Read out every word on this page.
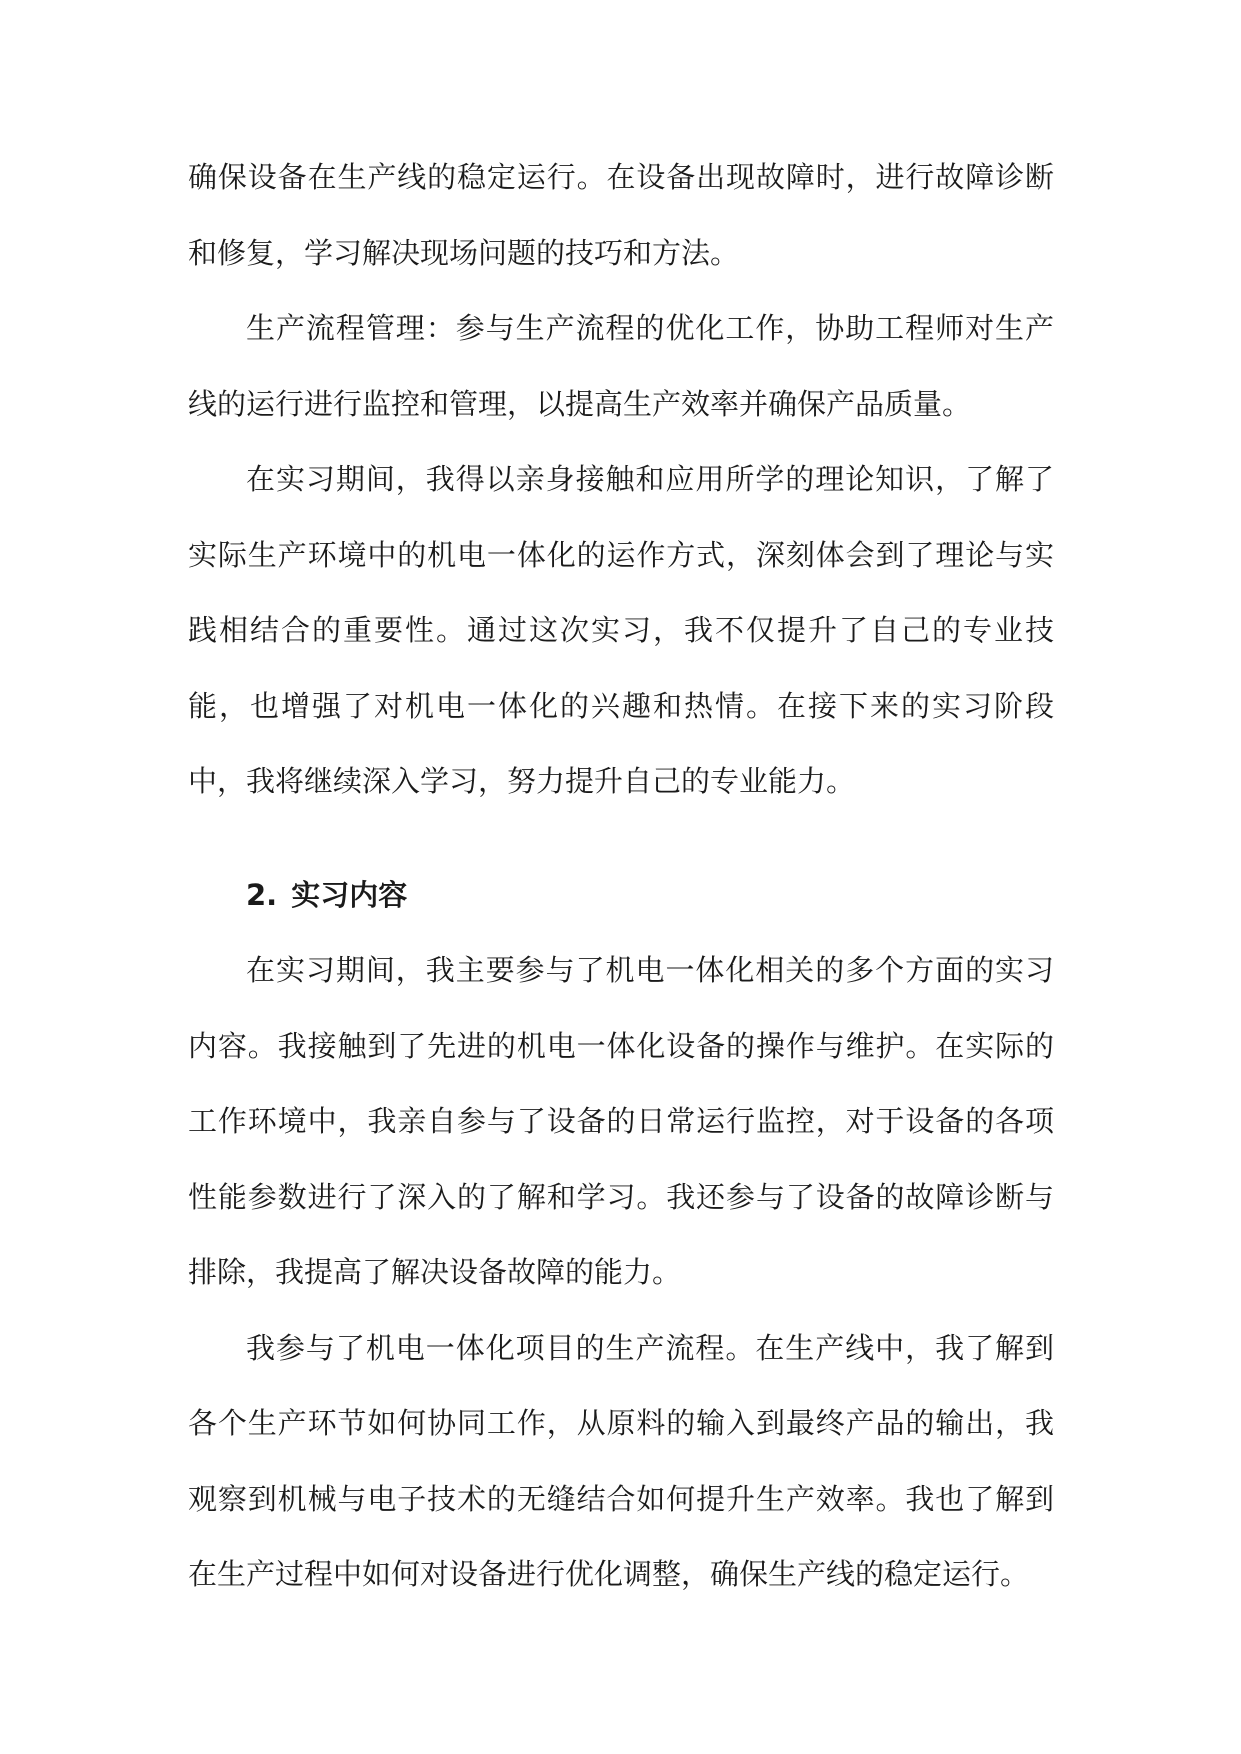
确保设备在生产线的稳定运行。在设备出现故障时，进行故障诊断和修复，学习解决现场问题的技巧和方法。

生产流程管理：参与生产流程的优化工作，协助工程师对生产线的运行进行监控和管理，以提高生产效率并确保产品质量。

在实习期间，我得以亲身接触和应用所学的理论知识，了解了实际生产环境中的机电一体化的运作方式，深刻体会到了理论与实践相结合的重要性。通过这次实习，我不仅提升了自己的专业技能，也增强了对机电一体化的兴趣和热情。在接下来的实习阶段中，我将继续深入学习，努力提升自己的专业能力。

2. 实习内容

在实习期间，我主要参与了机电一体化相关的多个方面的实习内容。我接触到了先进的机电一体化设备的操作与维护。在实际的工作环境中，我亲自参与了设备的日常运行监控，对于设备的各项性能参数进行了深入的了解和学习。我还参与了设备的故障诊断与排除，我提高了解决设备故障的能力。

我参与了机电一体化项目的生产流程。在生产线中，我了解到各个生产环节如何协同工作，从原料的输入到最终产品的输出，我观察到机械与电子技术的无缝结合如何提升生产效率。我也了解到在生产过程中如何对设备进行优化调整，确保生产线的稳定运行。
